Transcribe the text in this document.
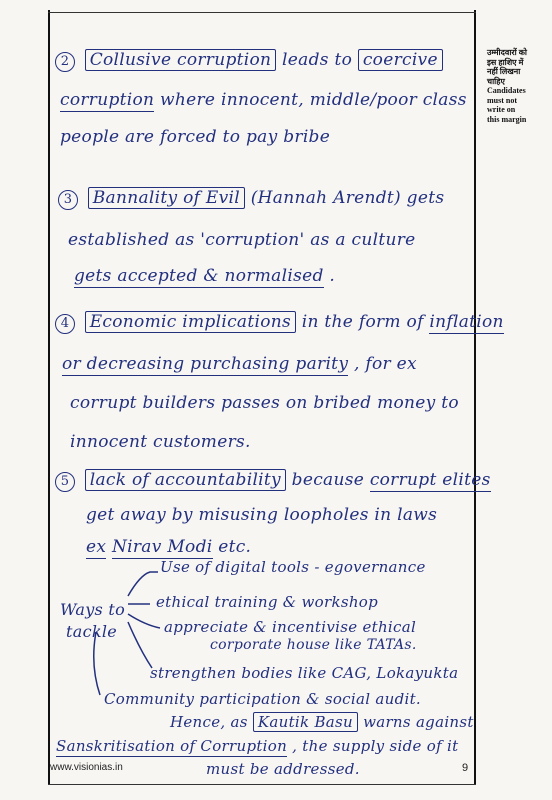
उम्मीदवारों को
इस हाशिए में
नहीं लिखना
चाहिए
Candidates
must not
write on
this margin
2 Collusive corruption leads to coercive
corruption where innocent, middle/poor class
people are forced to pay bribe
3 Bannality of Evil (Hannah Arendt) gets
established as 'corruption' as a culture
gets accepted & normalised .
4 Economic implications in the form of inflation
or decreasing purchasing parity , for ex
corrupt builders passes on bribed money to
innocent customers.
5 lack of accountability because corrupt elites
get away by misusing loopholes in laws
ex Nirav Modi etc.
Ways to
tackle
Use of digital tools - egovernance
ethical training & workshop
appreciate & incentivise ethical
corporate house like TATAs.
strengthen bodies like CAG, Lokayukta
Community participation & social audit.
Hence, as Kautik Basu warns against
Sanskritisation of Corruption , the supply side of it
must be addressed.
www.visionias.in	9
